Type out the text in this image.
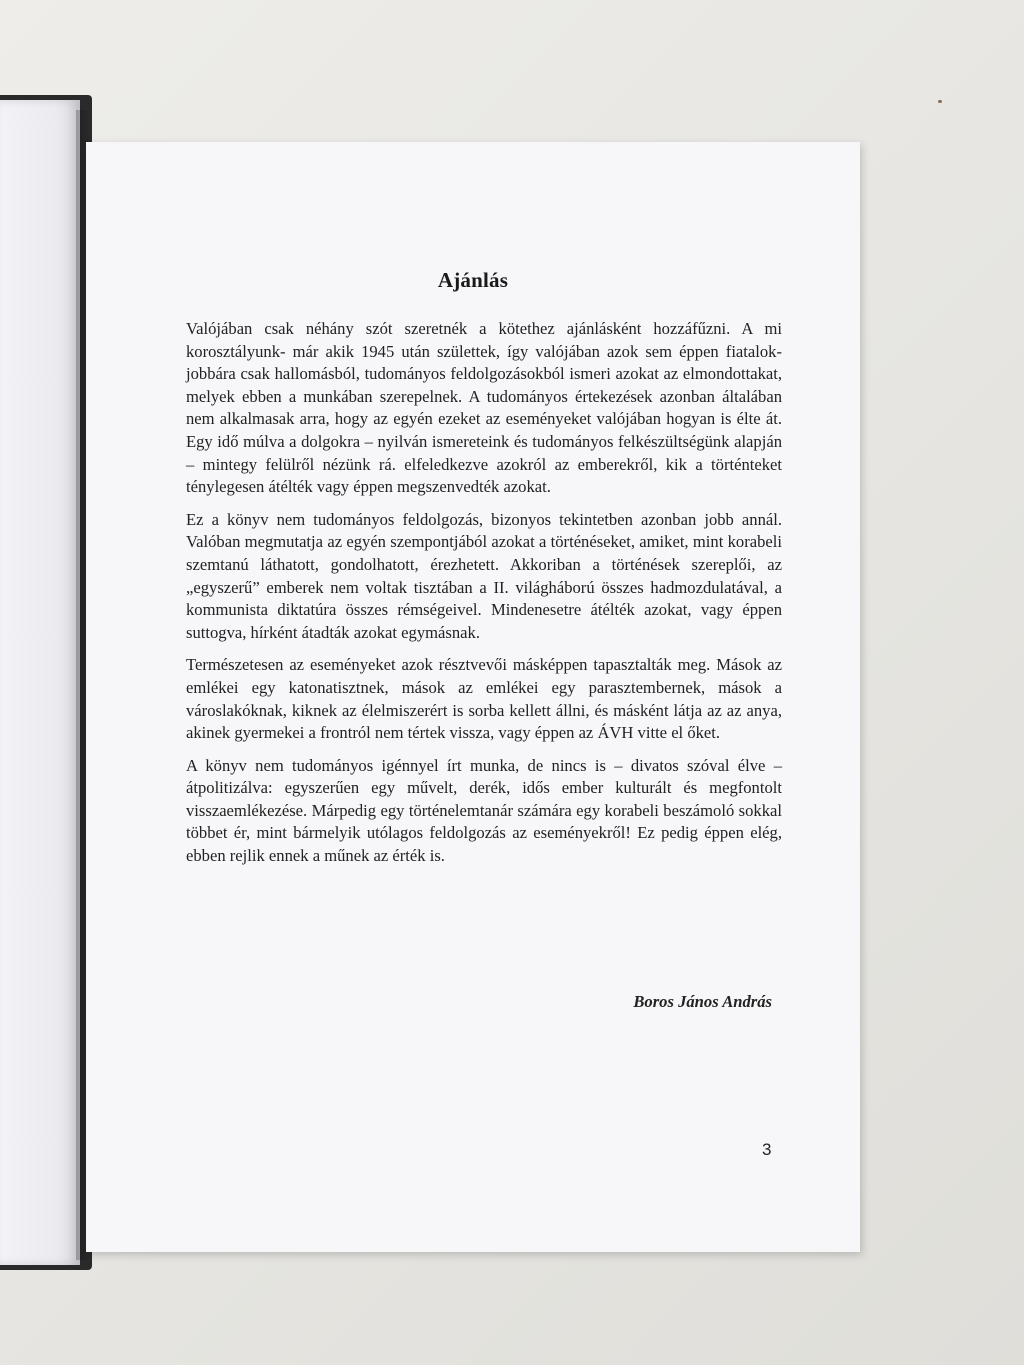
Ajánlás

Valójában csak néhány szót szeretnék a kötethez ajánlásként hozzáfűzni. A mi korosztályunk- már akik 1945 után születtek, így valójában azok sem éppen fiatalok- jobbára csak hallomásból, tudományos feldolgozásokból ismeri azokat az elmondottakat, melyek ebben a munkában szerepelnek. A tudományos értekezések azonban általában nem alkalmasak arra, hogy az egyén ezeket az eseményeket valójában hogyan is élte át. Egy idő múlva a dolgokra – nyilván ismereteink és tudományos felkészültségünk alapján – mintegy felülről nézünk rá. elfeledkezve azokról az emberekről, kik a történteket ténylegesen átélték vagy éppen megszenvedték azokat.

Ez a könyv nem tudományos feldolgozás, bizonyos tekintetben azonban jobb annál. Valóban megmutatja az egyén szempontjából azokat a történéseket, amiket, mint korabeli szemtanú láthatott, gondolhatott, érezhetett. Akkoriban a történések szereplői, az „egyszerű” emberek nem voltak tisztában a II. világháború összes hadmozdulatával, a kommunista diktatúra összes rémségeivel. Mindenesetre átélték azokat, vagy éppen suttogva, hírként átadták azokat egymásnak.

Természetesen az eseményeket azok résztvevői másképpen tapasztalták meg. Mások az emlékei egy katonatisztnek, mások az emlékei egy parasztembernek, mások a városlakóknak, kiknek az élelmiszerért is sorba kellett állni, és másként látja az az anya, akinek gyermekei a frontról nem tértek vissza, vagy éppen az ÁVH vitte el őket.

A könyv nem tudományos igénnyel írt munka, de nincs is – divatos szóval élve – átpolitizálva: egyszerűen egy művelt, derék, idős ember kulturált és megfontolt visszaemlékezése. Márpedig egy történelemtanár számára egy korabeli beszámoló sokkal többet ér, mint bármelyik utólagos feldolgozás az eseményekről! Ez pedig éppen elég, ebben rejlik ennek a műnek az érték is.

Boros János András
3
